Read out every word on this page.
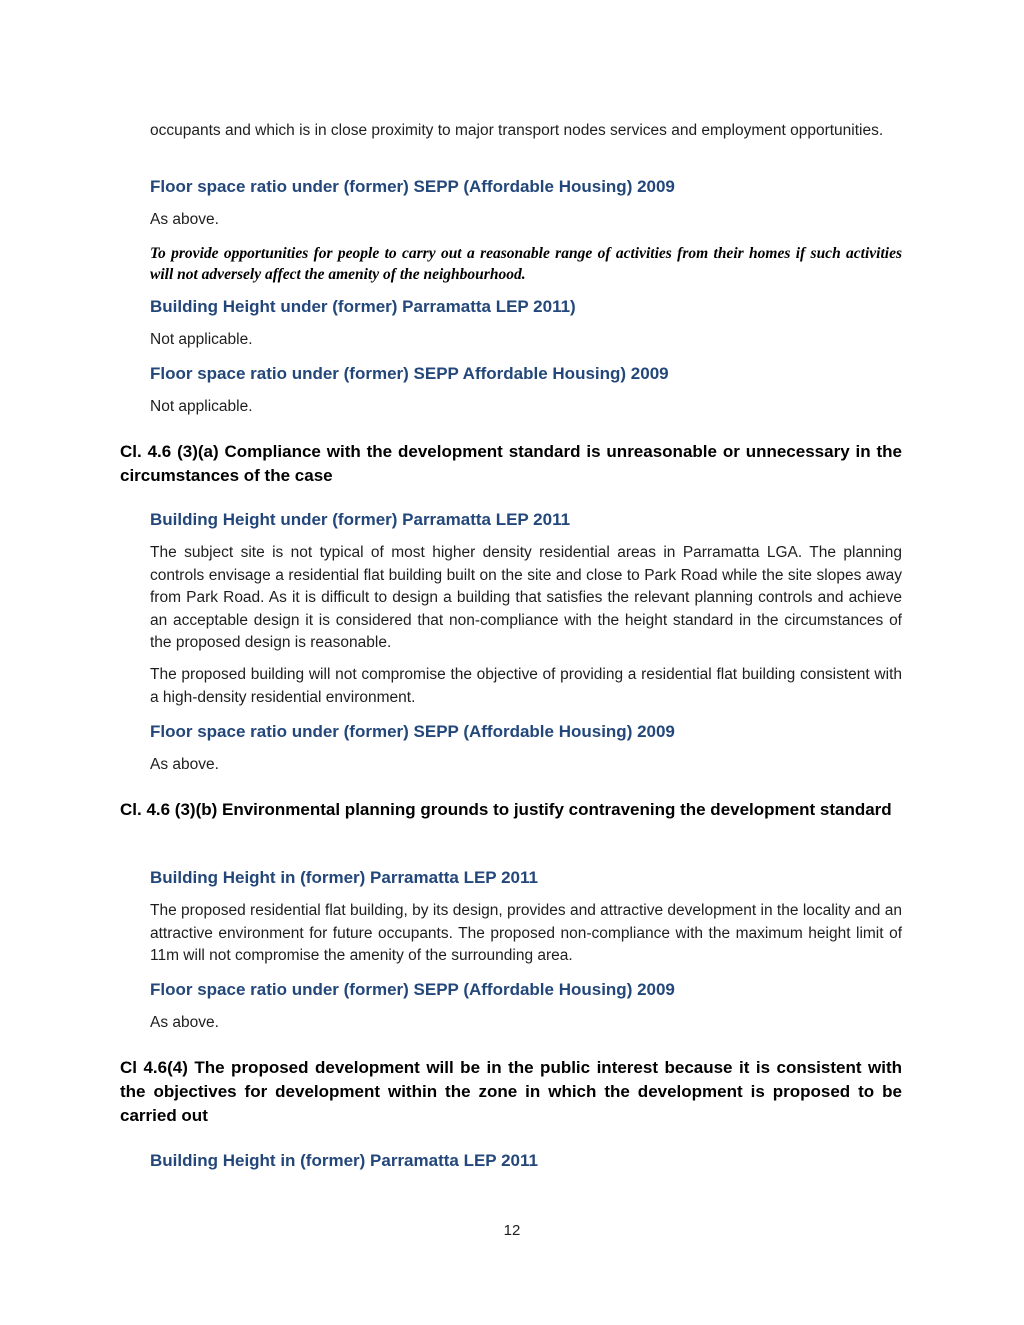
occupants and which is in close proximity to major transport nodes services and employment opportunities.

Floor space ratio under (former) SEPP (Affordable Housing) 2009

As above.

To provide opportunities for people to carry out a reasonable range of activities from their homes if such activities will not adversely affect the amenity of the neighbourhood.

Building Height under (former) Parramatta LEP 2011)

Not applicable.

Floor space ratio under (former) SEPP Affordable Housing) 2009

Not applicable.

Cl. 4.6 (3)(a) Compliance with the development standard is unreasonable or unnecessary in the circumstances of the case

Building Height under (former) Parramatta LEP 2011

The subject site is not typical of most higher density residential areas in Parramatta LGA. The planning controls envisage a residential flat building built on the site and close to Park Road while the site slopes away from Park Road. As it is difficult to design a building that satisfies the relevant planning controls and achieve an acceptable design it is considered that non-compliance with the height standard in the circumstances of the proposed design is reasonable.

The proposed building will not compromise the objective of providing a residential flat building consistent with a high-density residential environment.

Floor space ratio under (former) SEPP (Affordable Housing) 2009

As above.

Cl. 4.6 (3)(b) Environmental planning grounds to justify contravening the development standard

Building Height in (former) Parramatta LEP 2011

The proposed residential flat building, by its design, provides and attractive development in the locality and an attractive environment for future occupants. The proposed non-compliance with the maximum height limit of 11m will not compromise the amenity of the surrounding area.

Floor space ratio under (former) SEPP (Affordable Housing) 2009

As above.

Cl 4.6(4) The proposed development will be in the public interest because it is consistent with the objectives for development within the zone in which the development is proposed to be carried out

Building Height in (former) Parramatta LEP 2011

12
